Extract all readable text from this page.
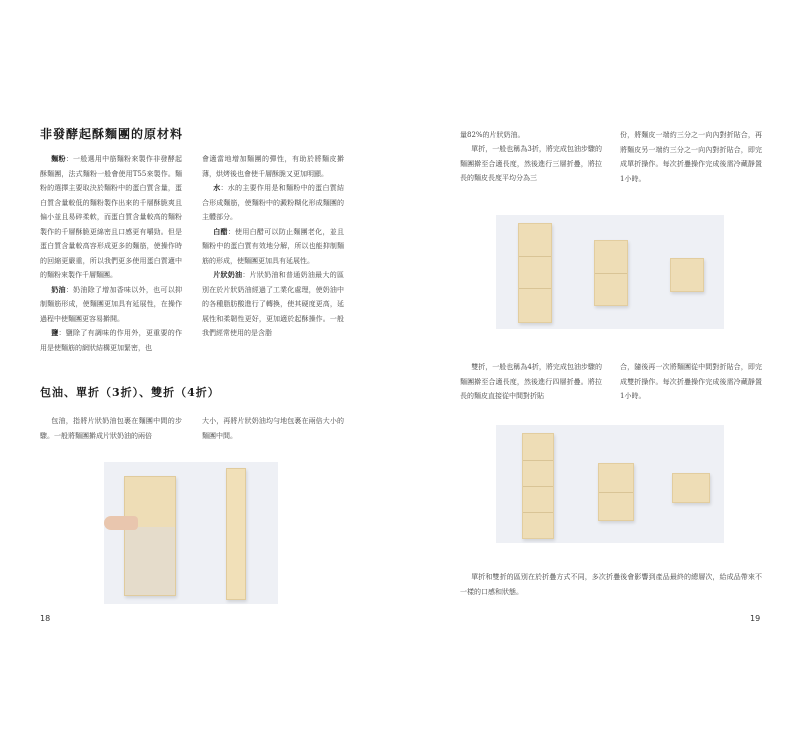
非發酵起酥麵團的原材料

麵粉：一般選用中筋麵粉來製作非發酵起酥麵團，法式麵粉一般會使用T55來製作。麵粉的選擇主要取決於麵粉中的蛋白質含量，蛋白質含量較低的麵粉製作出來的千層酥脆爽且偏小並且易碎柔軟，而蛋白質含量較高的麵粉製作的千層酥脆更綿密且口感更有嚼勁。但是蛋白質含量較高容形成更多的麵筋，使操作時的回縮更嚴重，所以我們更多使用蛋白質適中的麵粉來製作千層麵團。

奶油：奶油除了增加香味以外，也可以抑制麵筋形成，使麵團更加具有延展性，在操作過程中使麵團更容易擀開。

鹽：鹽除了有調味的作用外，更重要的作用是使麵筋的網狀結構更加緊密，也

會適當地增加麵團的彈性，有助於將麵皮擀薄，烘烤後也會使千層酥脆又更加明顯。

水：水的主要作用是和麵粉中的蛋白質結合形成麵筋，使麵粉中的澱粉糊化形成麵團的主體部分。

白醋：使用白醋可以防止麵團老化，並且麵粉中的蛋白質有效地分解，所以也能抑制麵筋的形成，使麵團更加具有延展性。

片狀奶油：片狀奶油和普通奶油最大的區別在於片狀奶油經過了工業化處理，使奶油中的各種脂肪酸進行了轉換，使其硬度更高，延展性和柔韌性更好，更加適於起酥操作。一般我們經常使用的是含脂

包油、單折（3折）、雙折（4折）

包油，指將片狀奶油包裹在麵團中間的步驟。一般將麵團擀成片狀奶油的兩倍

大小，再將片狀奶油均勻地包裹在兩倍大小的麵團中間。

18

量82%的片狀奶油。

單折，一般也稱為3折，將完成包油步驟的麵團擀至合適長度，然後進行三層折疊，將拉長的麵皮長度平均分為三

份，將麵皮一端約三分之一向內對折貼合，再將麵皮另一端約三分之一向內對折貼合，即完成單折操作。每次折疊操作完成後需冷藏靜置1小時。

雙折，一般也稱為4折，將完成包油步驟的麵團擀至合適長度，然後進行四層折疊。將拉長的麵皮直接從中間對折貼

合，隨後再一次將麵團從中間對折貼合，即完成雙折操作。每次折疊操作完成後需冷藏靜置1小時。

單折和雙折的區別在於折疊方式不同，多次折疊後會影響到產品最終的總層次，給成品帶來不一樣的口感和狀態。

19
